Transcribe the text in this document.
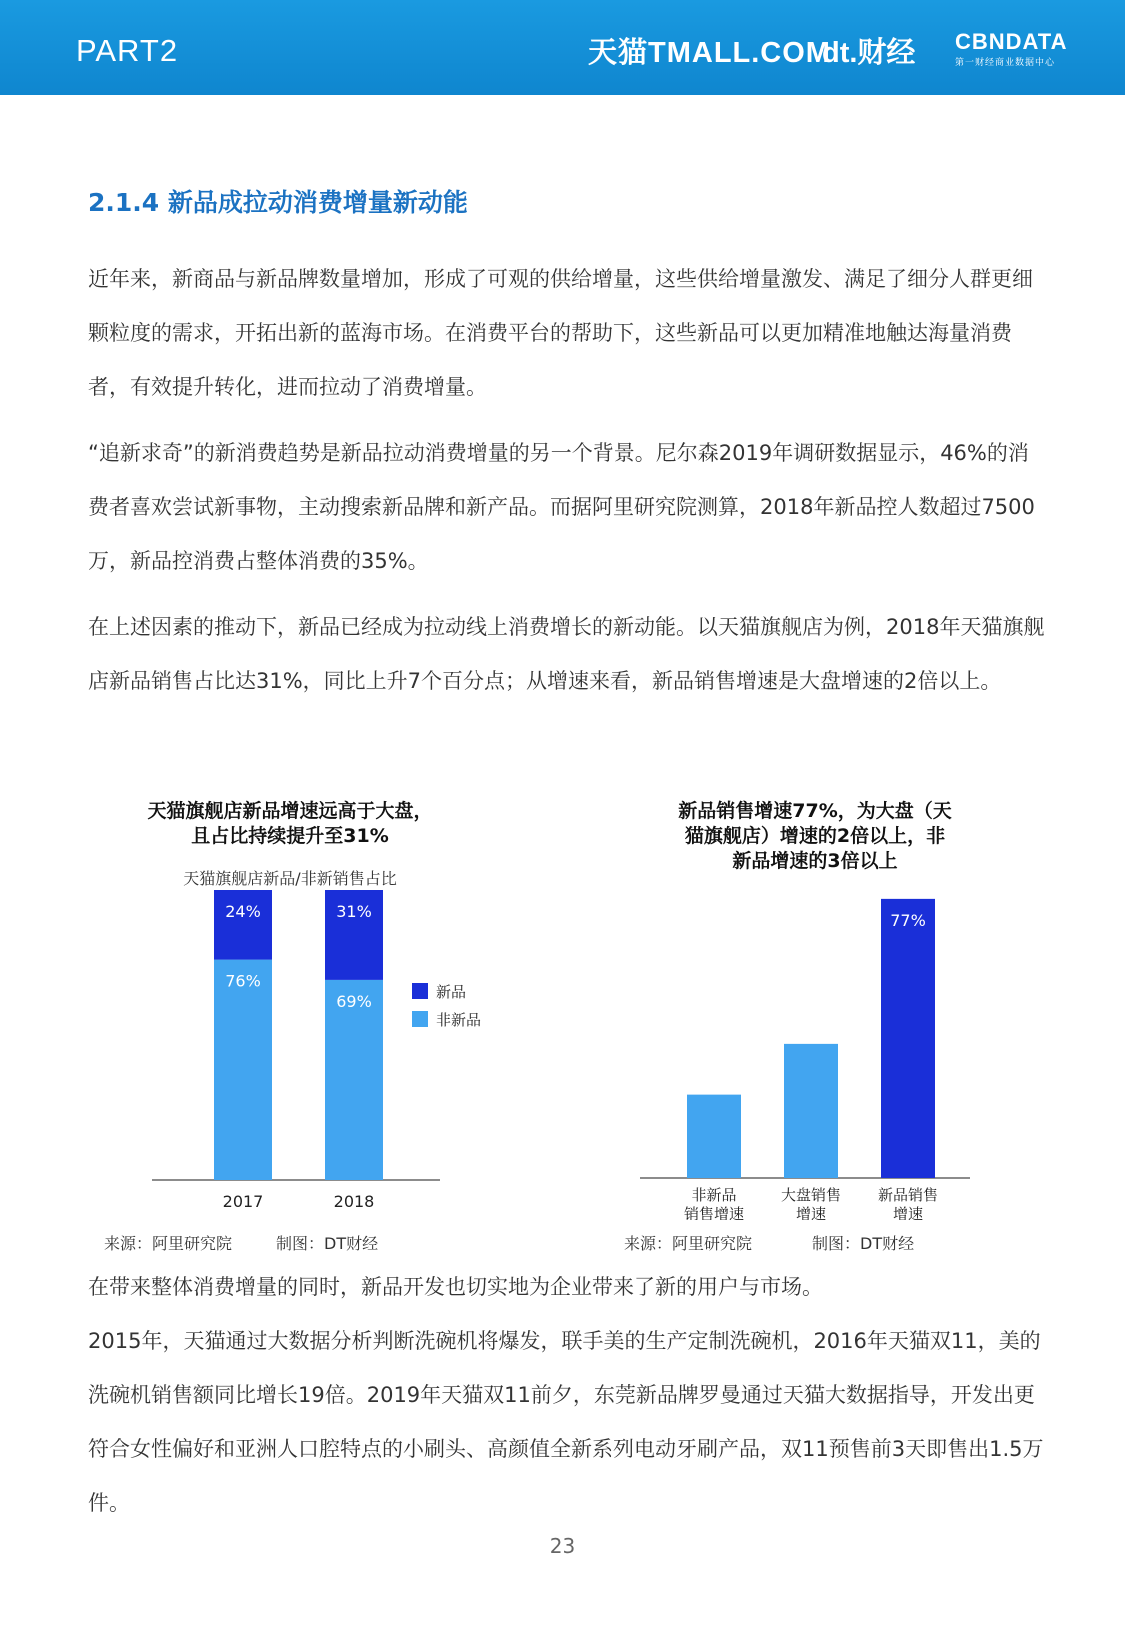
PART2	天猫TMALL.COM
dt.财经 CBNDATA
第一财经商业数据中心
2.1.4 新品成拉动消费增量新动能
近年来，新商品与新品牌数量增加，形成了可观的供给增量，这些供给增量激发、满足了细分人群更细颗粒度的需求，开拓出新的蓝海市场。在消费平台的帮助下，这些新品可以更加精准地触达海量消费者，有效提升转化，进而拉动了消费增量。
“追新求奇”的新消费趋势是新品拉动消费增量的另一个背景。尼尔森2019年调研数据显示，46%的消费者喜欢尝试新事物，主动搜索新品牌和新产品。而据阿里研究院测算，2018年新品控人数超过7500万，新品控消费占整体消费的35%。
在上述因素的推动下，新品已经成为拉动线上消费增长的新动能。以天猫旗舰店为例，2018年天猫旗舰店新品销售占比达31%，同比上升7个百分点；从增速来看，新品销售增速是大盘增速的2倍以上。
天猫旗舰店新品增速远高于大盘，
且占比持续提升至31%
天猫旗舰店新品/非新销售占比
新品销售增速77%，为大盘（天
猫旗舰店）增速的2倍以上，非
新品增速的3倍以上
76%
24%
2017
69%
31%
2018
新品
非新品
非新品
销售增速
大盘销售
增速
77%
新品销售
增速
来源：阿里研究院	制图：DT财经	来源：阿里研究院	制图：DT财经
在带来整体消费增量的同时，新品开发也切实地为企业带来了新的用户与市场。
2015年，天猫通过大数据分析判断洗碗机将爆发，联手美的生产定制洗碗机，2016年天猫双11，美的洗碗机销售额同比增长19倍。2019年天猫双11前夕，东莞新品牌罗曼通过天猫大数据指导，开发出更符合女性偏好和亚洲人口腔特点的小刷头、高颜值全新系列电动牙刷产品，双11预售前3天即售出1.5万件。
23
